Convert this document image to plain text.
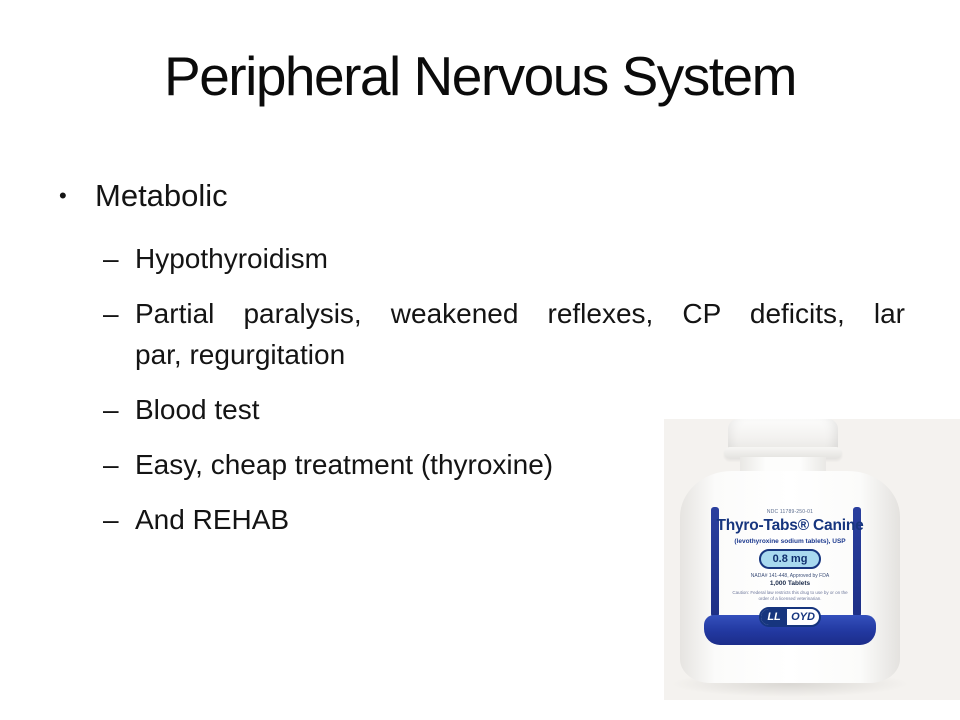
Peripheral Nervous System
• Metabolic
– Hypothyroidism
– Partial paralysis, weakened reflexes, CP deficits, lar
par, regurgitation
– Blood test
– Easy, cheap treatment (thyroxine)
– And REHAB	NDC 11789-250-01
Thyro-Tabs® Canine
(levothyroxine sodium tablets), USP
0.8 mg
NADA# 141-448, Approved by FDA
1,000 Tablets
Caution: Federal law restricts this drug to use by or on the
order of a licensed veterinarian.
LL OYD
